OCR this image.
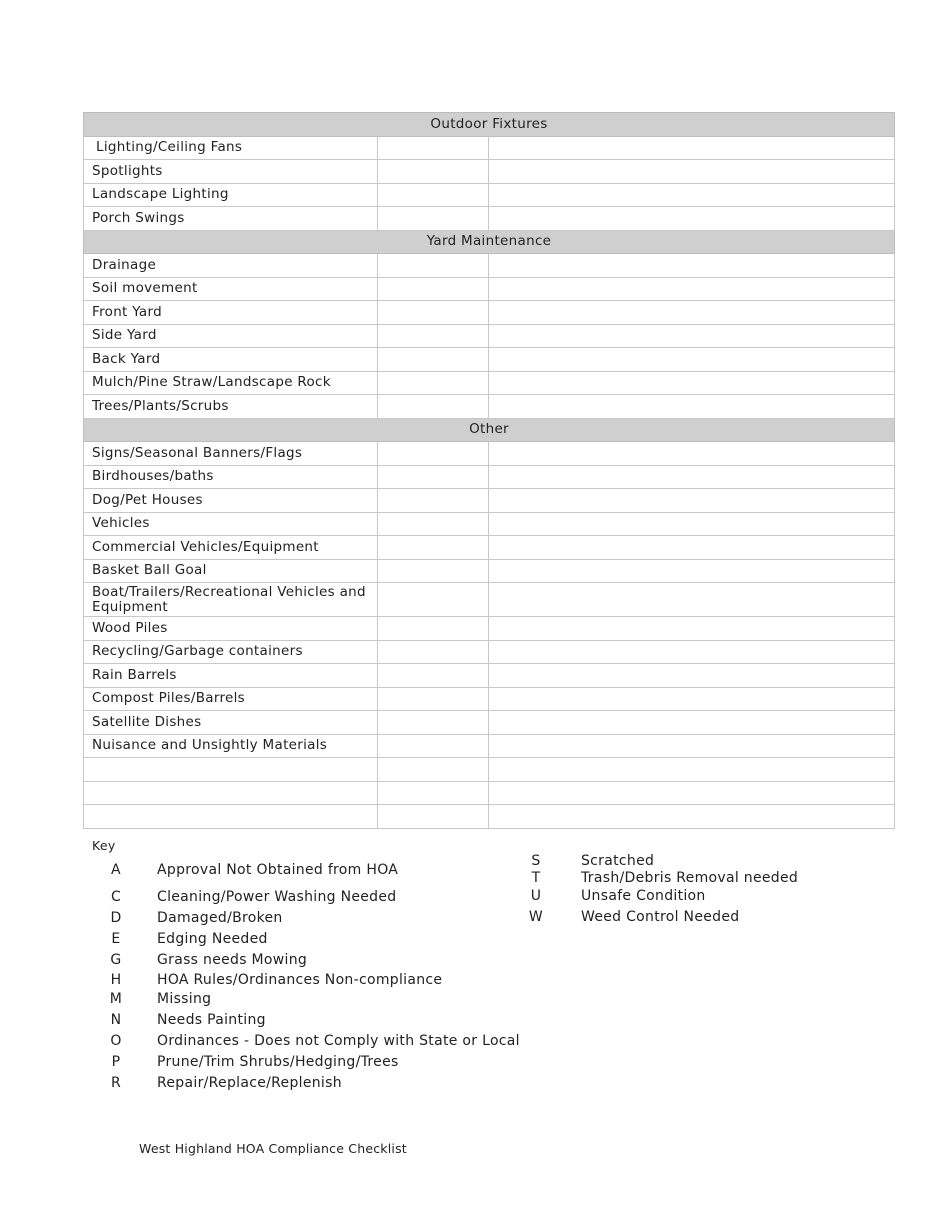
Outdoor Fixtures		
Lighting/Ceiling Fans		
Spotlights		
Landscape Lighting		
Porch Swings		
Yard Maintenance		
Drainage		
Soil movement		
Front Yard		
Side Yard		
Back Yard		
Mulch/Pine Straw/Landscape Rock		
Trees/Plants/Scrubs		
Other		
Signs/Seasonal Banners/Flags		
Birdhouses/baths		
Dog/Pet Houses		
Vehicles		
Commercial Vehicles/Equipment		
Basket Ball Goal		
Boat/Trailers/Recreational Vehicles and Equipment		
Wood Piles		
Recycling/Garbage containers		
Rain Barrels		
Compost Piles/Barrels		
Satellite Dishes		
Nuisance and Unsightly Materials		

Key
A	Approval Not Obtained from HOA
C	Cleaning/Power Washing Needed
D	Damaged/Broken
E	Edging Needed
G	Grass needs Mowing
H	HOA Rules/Ordinances Non-compliance
M Missing
N	Needs Painting
O	Ordinances - Does not Comply with State or Local
P	Prune/Trim Shrubs/Hedging/Trees
R	Repair/Replace/Replenish
S	Scratched
T	Trash/Debris Removal needed
U	Unsafe Condition
W	Weed Control Needed
West Highland HOA Compliance Checklist
